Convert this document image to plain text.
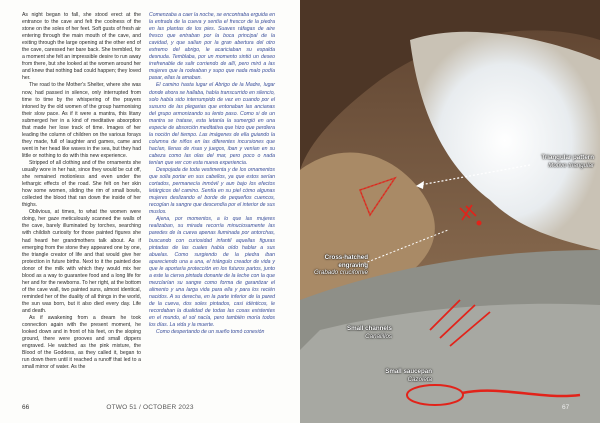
As night began to fall, she stood erect at the entrance to the cave and felt the coolness of the stone on the soles of her feet. Soft gusts of fresh air entering through the main mouth of the cave, and exiting through the large opening at the other end of the cave, caressed her bare back. She trembled, for a moment she felt an impressible desire to run away from there, but she looked at the women around her and knew that nothing bad could happen; they loved her.

The road to the Mother's Shelter, where she was now, had passed in silence, only interrupted from time to time by the whispering of the prayers intoned by the old women of the group harmonising their slow pace. As if it were a mantra, this litany submerged her in a kind of meditative absorption that made her lose track of time. Images of her leading the column of children on the various forays they made, full of laughter and games, came and went in her head like waves in the sea, but they had little or nothing to do with this new experience.

Stripped of all clothing and of the ornaments she usually wore in her hair, since they would be cut off, she remained motionless and even under the lethargic effects of the road. She felt on her skin how some women, sliding the rim of small bowls, collected the blood that ran down the inside of her thighs.

Oblivious, at times, to what the women were doing, her gaze meticulously scanned the walls of the cave, barely illuminated by torches, searching with childish curiosity for those painted figures she had heard her grandmothers talk about. As if emerging from the stone they appeared one by one, the triangle creator of life and that would give her protection in future births. Next to it the painted doe donor of the milk with which they would mix her blood as a way to guarantee food and a long life for her and for the newborns. To her right, at the bottom of the cave wall, two painted suns, almost identical, reminded her of the duality of all things in the world, the sun was born, but it also died every day. Life and death.

As if awakening from a dream he took connection again with the present moment, he looked down and in front of his feet, on the sloping ground, there were grooves and small dippers engraved. He watched as the pink mixture, the Blood of the Goddess, as they called it, began to run down them until it reached a runoff that led to a small mirror of water. As the

Comenzaba a caer la noche, se encontraba erguida en la entrada de la cueva y sentía el frescor de la piedra en las plantas de los pies. Suaves ráfagas de aire fresco que entraban por la boca principal de la cavidad, y que salían por la gran abertura del otro extremo del abrigo, le acariciaban su espalda desnuda. Temblaba, por un momento sintió un deseo irrefrenable de salir corriendo de allí, pero miró a las mujeres que la rodeaban y supo que nada malo podía pasar, ellas la amaban.

El camino hasta lugar el Abrigo de la Madre, lugar donde ahora se hallaba, había transcurrido en silencio, solo había sido interrumpido de vez en cuando por el susurro de las plegarias que entonaban las ancianas del grupo armonizando su lento paso. Como si de un mantra se tratase, esta letanía la sumergió en una especie de absorción meditativa que hizo que perdiera la noción del tiempo. Las imágenes de ella guiando la columna de niños en las diferentes incursiones que hacían, llenas de risas y juegos, iban y venían en su cabeza como las olas del mar, pero poco o nada tenían que ver con esta nueva experiencia.

Despojada de toda vestimenta y de los ornamentos que solía portar en sus cabellos, ya que estos serían cortados, permanecía inmóvil y aun bajo los efectos letárgicos del camino. Sentía en su piel cómo algunas mujeres deslizando el borde de pequeños cuencos, recogían la sangre que descendía por el interior de sus muslos.

Ajena, por momentos, a lo que las mujeres realizaban, su mirada recorría minuciosamente las paredes de la cueva apenas iluminada por antorchas, buscando con curiosidad infantil aquellas figuras pintadas de las cuales había oído hablar a sus abuelas. Como surgiendo de la piedra iban apareciendo una a una, el triángulo creador de vida y que le aportaría protección en los futuros partos, junto a este la cierva pintada donante de la leche con la que mezclarían su sangre como forma de garantizar el alimento y una larga vida para ella y para los recién nacidos. A su derecha, en la parte inferior de la pared de la cueva, dos soles pintados, casi idénticos, le recordaban la dualidad de todas las cosas existentes en el mundo, el sol nacía, pero también moría todos los días. La vida y la muerte.

Como despertando de un sueño tomó conexión

66	OTWO 51 / OCTOBER 2023
Triangular pattern
Motivo triangular
Cross-hatched engraving
Grabado crucifomie
Small channels
Canalillos
Small saucepan
Cazoleta
67
